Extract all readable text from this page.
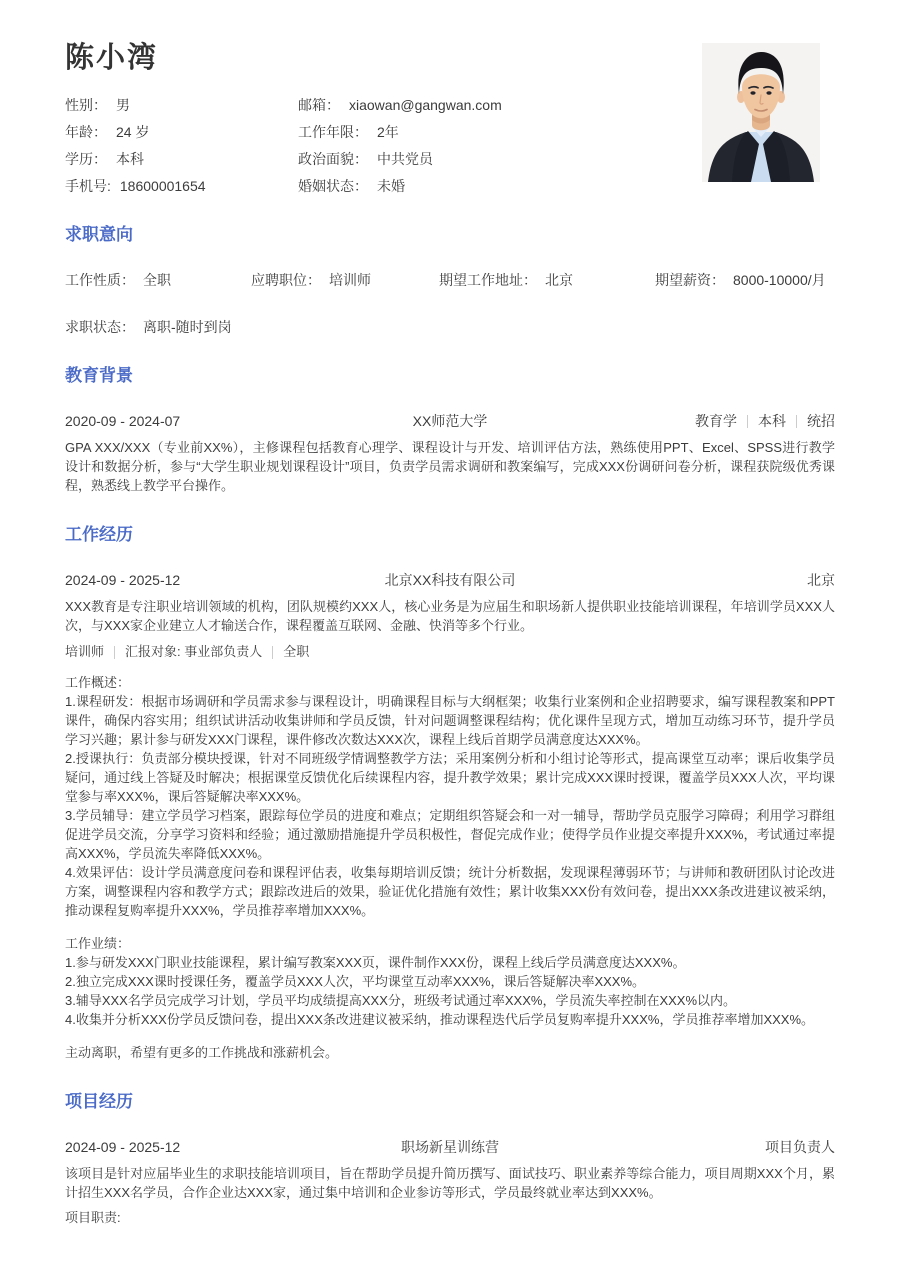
陈小湾
性别： 男	邮箱： xiaowan@gangwan.com
年龄： 24 岁	工作年限： 2年
学历： 本科	政治面貌： 中共党员
手机号: 18600001654	婚姻状态： 未婚
求职意向
工作性质： 全职	应聘职位： 培训师	期望工作地址： 北京	期望薪资： 8000-10000/月
求职状态： 离职-随时到岗
教育背景
2020-09 - 2024-07	XX师范大学	教育学 本科 统招

GPA XXX/XXX（专业前XX%），主修课程包括教育心理学、课程设计与开发、培训评估方法，熟练使用PPT、Excel、SPSS进行教学设计和数据分析，参与“大学生职业规划课程设计”项目，负责学员需求调研和教案编写，完成XXX份调研问卷分析，课程获院级优秀课程，熟悉线上教学平台操作。

工作经历
2024-09 - 2025-12	北京XX科技有限公司	北京

XXX教育是专注职业培训领域的机构，团队规模约XXX人，核心业务是为应届生和职场新人提供职业技能培训课程，年培训学员XXX人次，与XXX家企业建立人才输送合作，课程覆盖互联网、金融、快消等多个行业。

培训师 汇报对象: 事业部负责人 全职
工作概述：
1.课程研发：根据市场调研和学员需求参与课程设计，明确课程目标与大纲框架；收集行业案例和企业招聘要求，编写课程教案和PPT课件，确保内容实用；组织试讲活动收集讲师和学员反馈，针对问题调整课程结构；优化课件呈现方式，增加互动练习环节，提升学员学习兴趣；累计参与研发XXX门课程，课件修改次数达XXX次，课程上线后首期学员满意度达XXX%。
2.授课执行：负责部分模块授课，针对不同班级学情调整教学方法；采用案例分析和小组讨论等形式，提高课堂互动率；课后收集学员疑问，通过线上答疑及时解决；根据课堂反馈优化后续课程内容，提升教学效果；累计完成XXX课时授课，覆盖学员XXX人次，平均课堂参与率XXX%，课后答疑解决率XXX%。
3.学员辅导：建立学员学习档案，跟踪每位学员的进度和难点；定期组织答疑会和一对一辅导，帮助学员克服学习障碍；利用学习群组促进学员交流，分享学习资料和经验；通过激励措施提升学员积极性，督促完成作业；使得学员作业提交率提升XXX%，考试通过率提高XXX%，学员流失率降低XXX%。
4.效果评估：设计学员满意度问卷和课程评估表，收集每期培训反馈；统计分析数据，发现课程薄弱环节；与讲师和教研团队讨论改进方案，调整课程内容和教学方式；跟踪改进后的效果，验证优化措施有效性；累计收集XXX份有效问卷，提出XXX条改进建议被采纳，推动课程复购率提升XXX%，学员推荐率增加XXX%。
工作业绩：
1.参与研发XXX门职业技能课程，累计编写教案XXX页，课件制作XXX份，课程上线后学员满意度达XXX%。
2.独立完成XXX课时授课任务，覆盖学员XXX人次，平均课堂互动率XXX%，课后答疑解决率XXX%。
3.辅导XXX名学员完成学习计划，学员平均成绩提高XXX分，班级考试通过率XXX%，学员流失率控制在XXX%以内。
4.收集并分析XXX份学员反馈问卷，提出XXX条改进建议被采纳，推动课程迭代后学员复购率提升XXX%，学员推荐率增加XXX%。

主动离职，希望有更多的工作挑战和涨薪机会。

项目经历
2024-09 - 2025-12	职场新星训练营	项目负责人

该项目是针对应届毕业生的求职技能培训项目，旨在帮助学员提升简历撰写、面试技巧、职业素养等综合能力，项目周期XXX个月，累计招生XXX名学员，合作企业达XXX家，通过集中培训和企业参访等形式，学员最终就业率达到XXX%。

项目职责:
